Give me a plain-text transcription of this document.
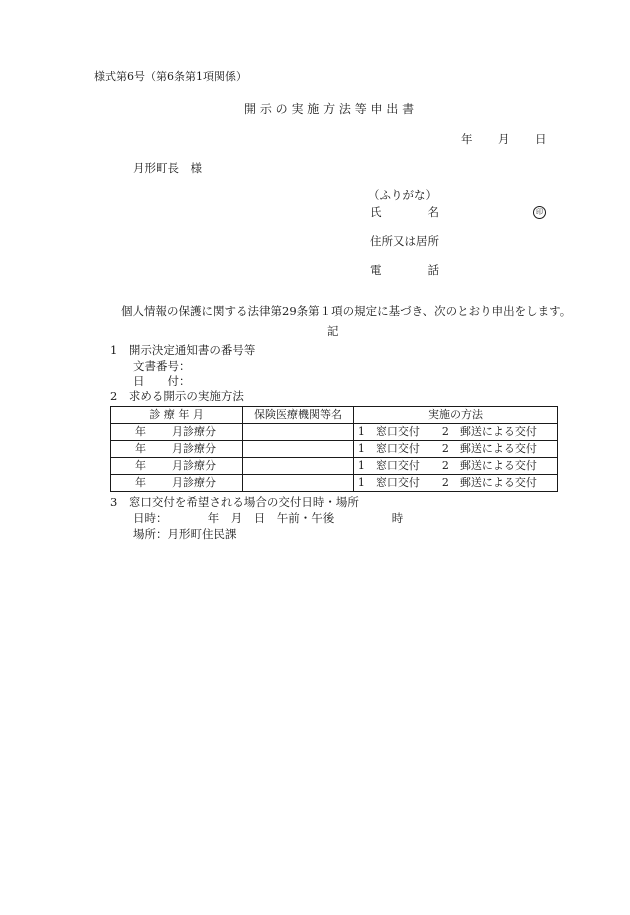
様式第6号（第6条第1項関係）
開 示 の 実 施 方 法 等 申 出 書
年 月 日
月形町長　様
（ふりがな）
氏　　　　名	印
住所又は居所
電　　　　話
個人情報の保護に関する法律第29条第１項の規定に基づき、次のとおり申出をします。
記
1　開示決定通知書の番号等
文書番号：
日　　付：
2　求める開示の実施方法
診 療 年 月	保険医療機関等名	実施の方法
年 月診療分		1　窓口交付 2　郵送による交付
年 月診療分		1　窓口交付 2　郵送による交付
年 月診療分		1　窓口交付 2　郵送による交付
年 月診療分		1　窓口交付 2　郵送による交付
3　窓口交付を希望される場合の交付日時・場所
日時：　　　　年　月　日　午前・午後　　　　　時
場所：月形町住民課
